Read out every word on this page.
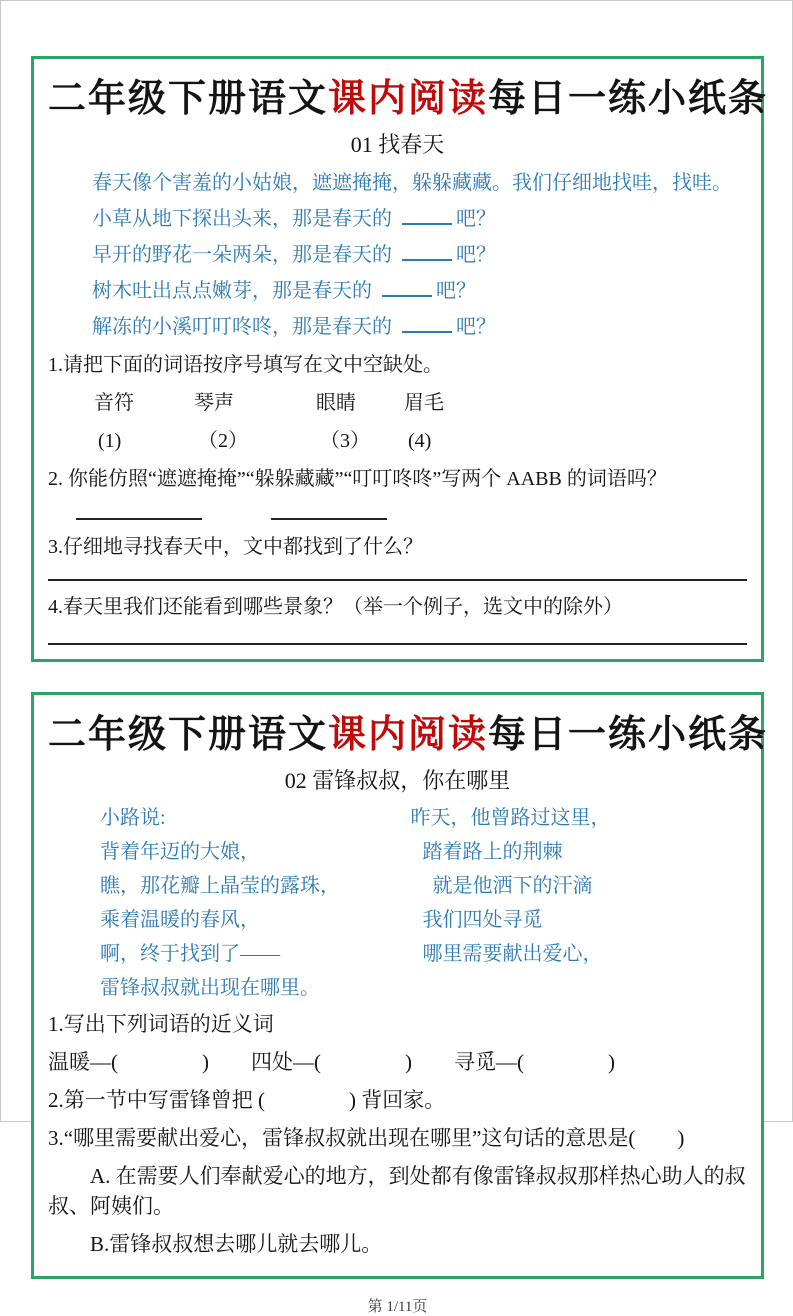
二年级下册语文课内阅读每日一练小纸条
01 找春天

春天像个害羞的小姑娘，遮遮掩掩，躲躲藏藏。我们仔细地找哇，找哇。

小草从地下探出头来，那是春天的	吧？

早开的野花一朵两朵，那是春天的	吧？

树木吐出点点嫩芽，那是春天的	吧？

解冻的小溪叮叮咚咚，那是春天的	吧？

1.请把下面的词语按序号填写在文中空缺处。

音符	琴声	眼睛 眉毛

(1)	（2）	（3） (4)

2. 你能仿照“遮遮掩掩”“躲躲藏藏”“叮叮咚咚”写两个 AABB 的词语吗？

3.仔细地寻找春天中，文中都找到了什么？

4.春天里我们还能看到哪些景象？（举一个例子，选文中的除外）

二年级下册语文课内阅读每日一练小纸条
02 雷锋叔叔，你在哪里
小路说:	昨天，他曾路过这里，
背着年迈的大娘，	踏着路上的荆棘
瞧，那花瓣上晶莹的露珠，	就是他洒下的汗滴
乘着温暖的春风，	我们四处寻觅
啊，终于找到了——	哪里需要献出爱心，
雷锋叔叔就出现在哪里。

1.写出下列词语的近义词

温暖—(　　　　)　　四处—(　　　　)　　寻觅—(　　　　)

2.第一节中写雷锋曾把 (　　　　) 背回家。

3.“哪里需要献出爱心，雷锋叔叔就出现在哪里”这句话的意思是(　　)

A. 在需要人们奉献爱心的地方，到处都有像雷锋叔叔那样热心助人的叔叔、阿姨们。

B.雷锋叔叔想去哪儿就去哪儿。

第 1/11页
